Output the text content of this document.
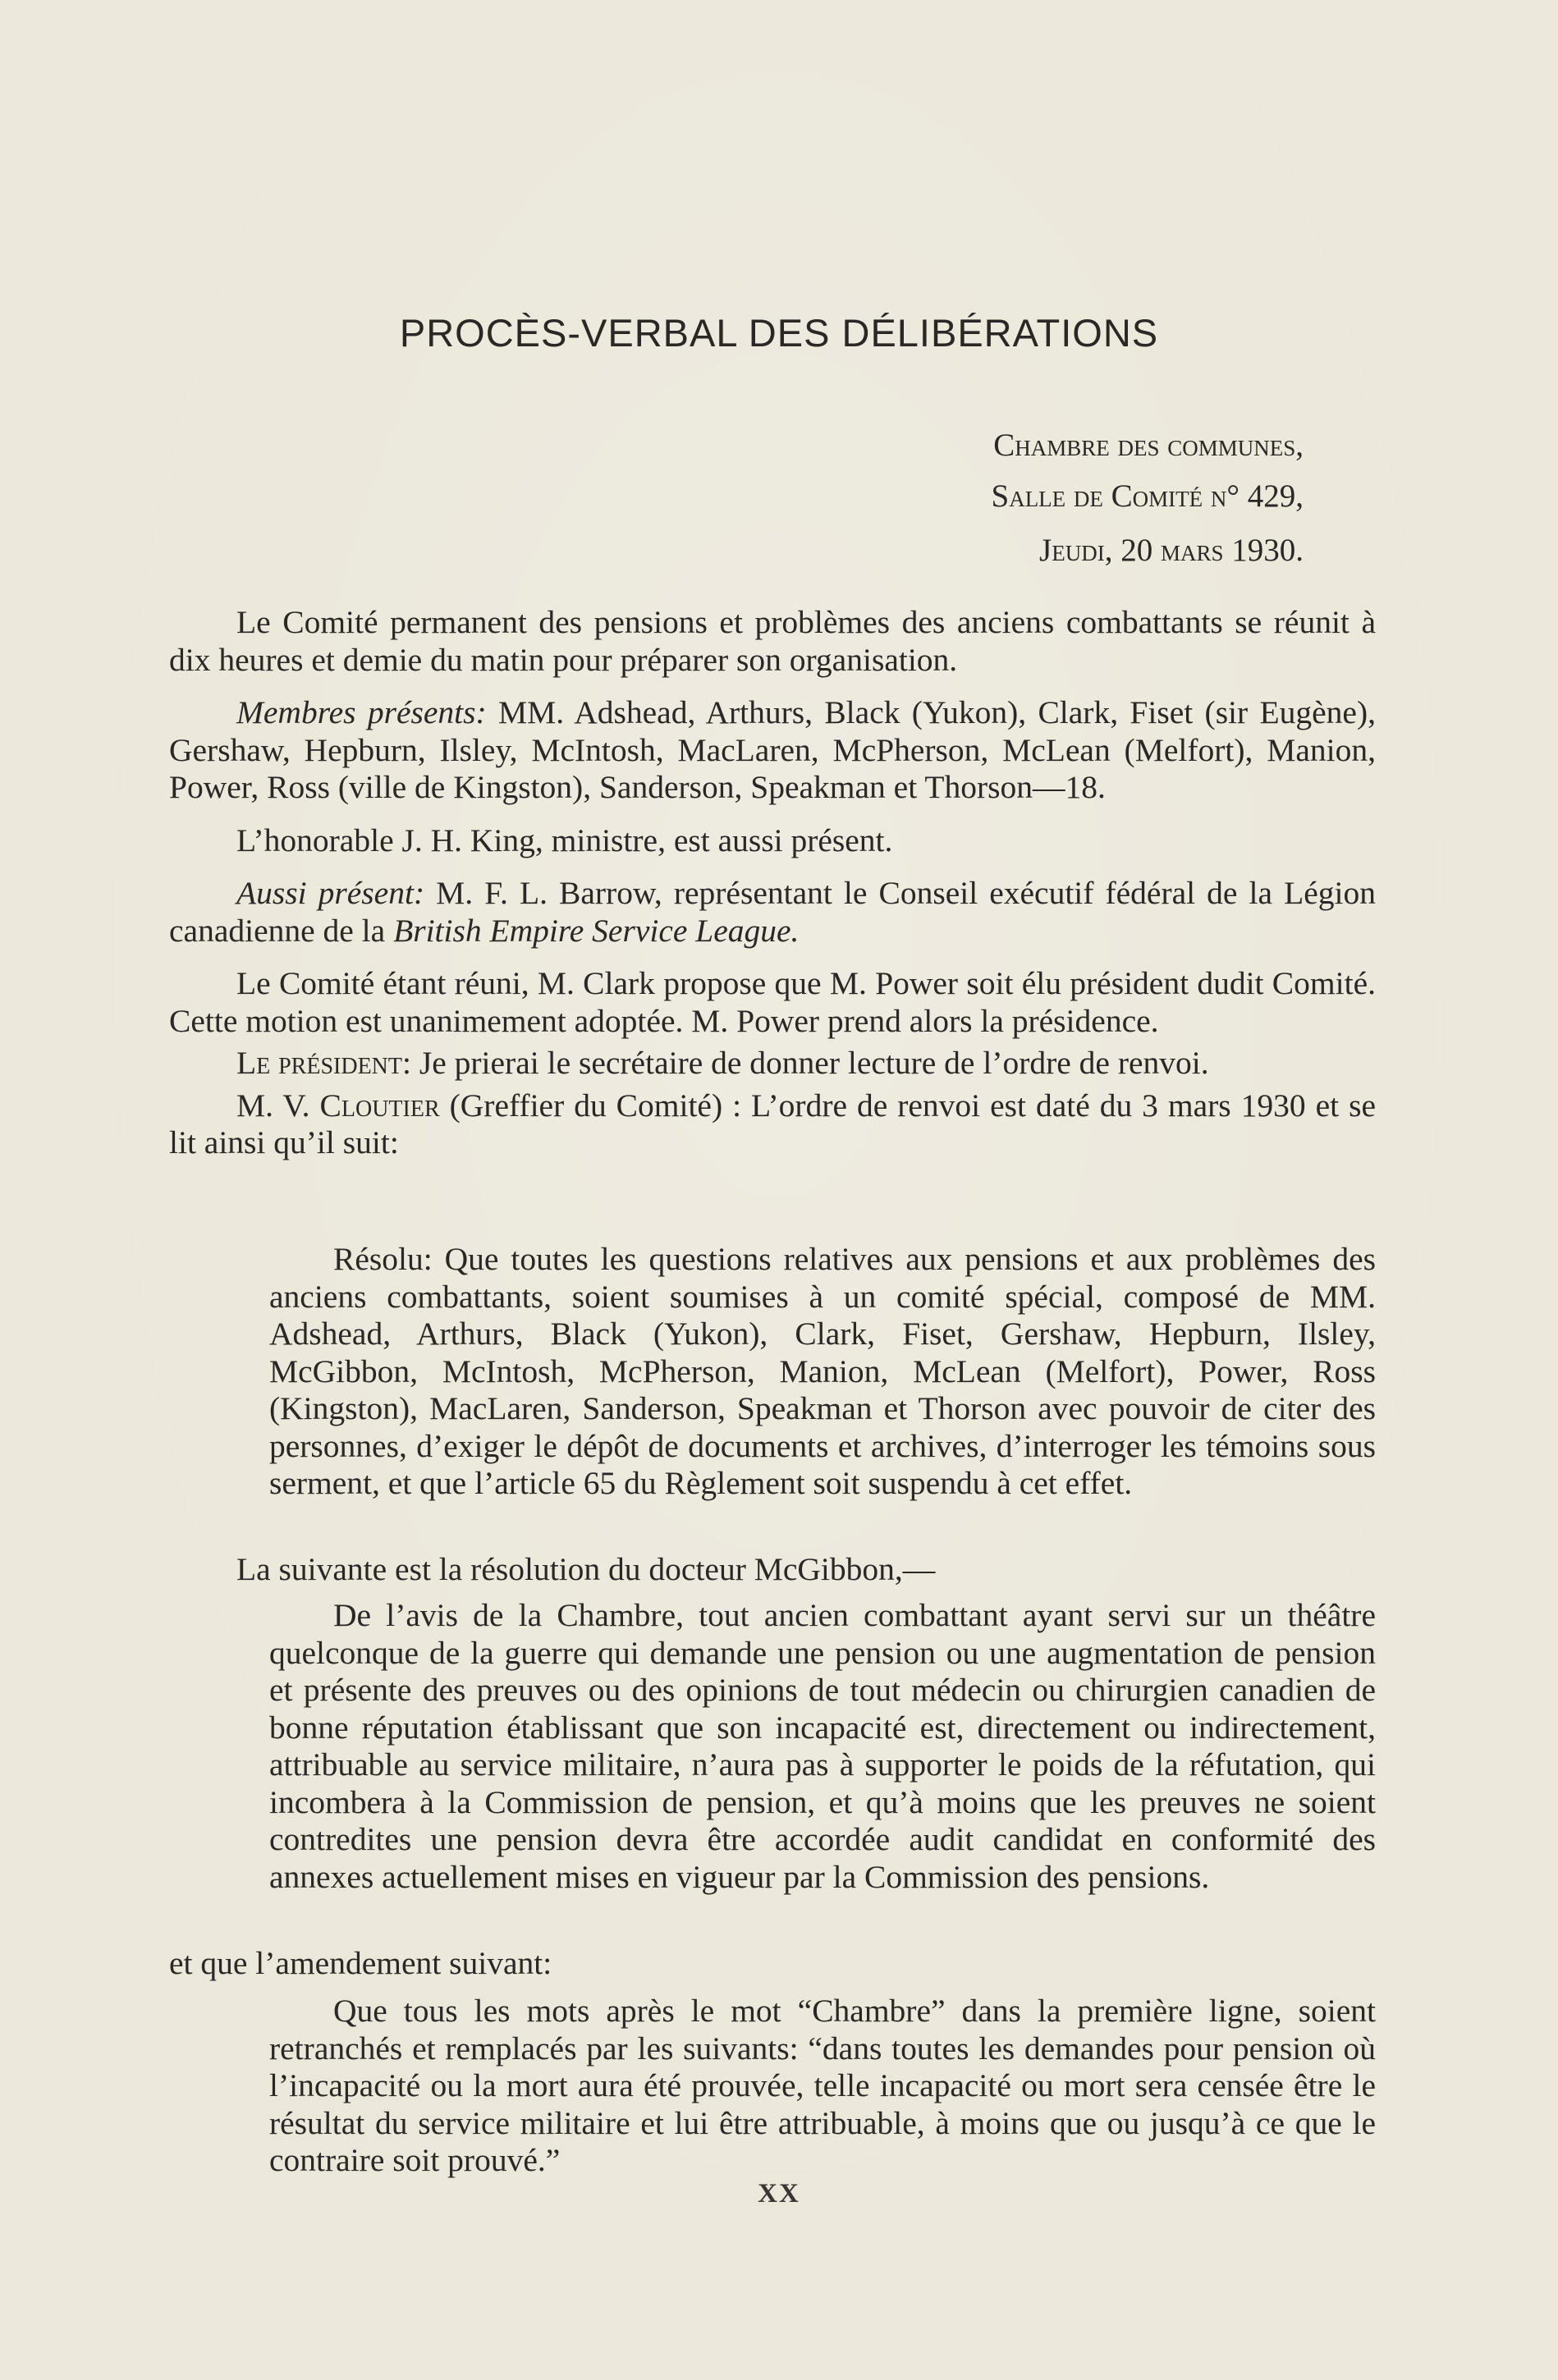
PROCÈS-VERBAL DES DÉLIBÉRATIONS
Chambre des communes,
Salle de Comité n° 429,
Jeudi, 20 mars 1930.

Le Comité permanent des pensions et problèmes des anciens combattants se réunit à dix heures et demie du matin pour préparer son organisation.

Membres présents: MM. Adshead, Arthurs, Black (Yukon), Clark, Fiset (sir Eugène), Gershaw, Hepburn, Ilsley, McIntosh, MacLaren, McPherson, McLean (Melfort), Manion, Power, Ross (ville de Kingston), Sanderson, Speakman et Thorson—18.

L’honorable J. H. King, ministre, est aussi présent.

Aussi présent: M. F. L. Barrow, représentant le Conseil exécutif fédéral de la Légion canadienne de la British Empire Service League.

Le Comité étant réuni, M. Clark propose que M. Power soit élu président dudit Comité. Cette motion est unanimement adoptée. M. Power prend alors la présidence.

Le président: Je prierai le secrétaire de donner lecture de l’ordre de renvoi.

M. V. Cloutier (Greffier du Comité) : L’ordre de renvoi est daté du 3 mars 1930 et se lit ainsi qu’il suit:

Résolu: Que toutes les questions relatives aux pensions et aux problèmes des anciens combattants, soient soumises à un comité spécial, composé de MM. Adshead, Arthurs, Black (Yukon), Clark, Fiset, Gershaw, Hepburn, Ilsley, McGibbon, McIntosh, McPherson, Manion, McLean (Melfort), Power, Ross (Kingston), MacLaren, Sanderson, Speakman et Thorson avec pouvoir de citer des personnes, d’exiger le dépôt de documents et archives, d’interroger les témoins sous serment, et que l’article 65 du Règlement soit suspendu à cet effet.

La suivante est la résolution du docteur McGibbon,—

De l’avis de la Chambre, tout ancien combattant ayant servi sur un théâtre quelconque de la guerre qui demande une pension ou une augmentation de pension et présente des preuves ou des opinions de tout médecin ou chirurgien canadien de bonne réputation établissant que son incapacité est, directement ou indirectement, attribuable au service militaire, n’aura pas à supporter le poids de la réfutation, qui incombera à la Commission de pension, et qu’à moins que les preuves ne soient contredites une pension devra être accordée audit candidat en conformité des annexes actuellement mises en vigueur par la Commission des pensions.

et que l’amendement suivant:

Que tous les mots après le mot “Chambre” dans la première ligne, soient retranchés et remplacés par les suivants: “dans toutes les demandes pour pension où l’incapacité ou la mort aura été prouvée, telle incapacité ou mort sera censée être le résultat du service militaire et lui être attribuable, à moins que ou jusqu’à ce que le contraire soit prouvé.”

XX
